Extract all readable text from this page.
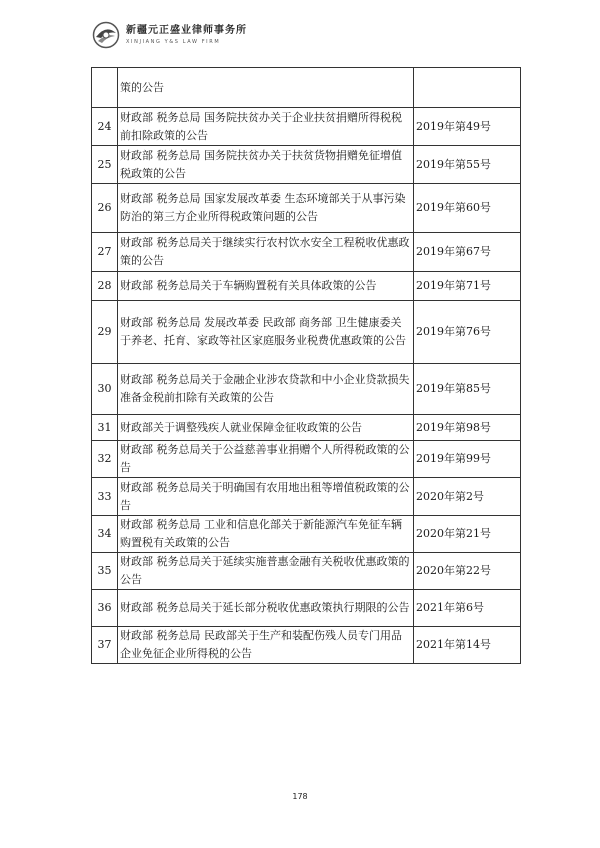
新疆元正盛业律师事务所
XINJIANG Y&S LAW FIRM
	策的公告	
24	财政部 税务总局 国务院扶贫办关于企业扶贫捐赠所得税税前扣除政策的公告	2019年第49号
25	财政部 税务总局 国务院扶贫办关于扶贫货物捐赠免征增值税政策的公告	2019年第55号
26	财政部 税务总局 国家发展改革委 生态环境部关于从事污染防治的第三方企业所得税政策问题的公告	2019年第60号
27	财政部 税务总局关于继续实行农村饮水安全工程税收优惠政策的公告	2019年第67号
28	财政部 税务总局关于车辆购置税有关具体政策的公告	2019年第71号
29	财政部 税务总局 发展改革委 民政部 商务部 卫生健康委关于养老、托育、家政等社区家庭服务业税费优惠政策的公告	2019年第76号
30	财政部 税务总局关于金融企业涉农贷款和中小企业贷款损失准备金税前扣除有关政策的公告	2019年第85号
31	财政部关于调整残疾人就业保障金征收政策的公告	2019年第98号
32	财政部 税务总局关于公益慈善事业捐赠个人所得税政策的公告	2019年第99号
33	财政部 税务总局关于明确国有农用地出租等增值税政策的公告	2020年第2号
34	财政部 税务总局 工业和信息化部关于新能源汽车免征车辆购置税有关政策的公告	2020年第21号
35	财政部 税务总局关于延续实施普惠金融有关税收优惠政策的公告	2020年第22号
36	财政部 税务总局关于延长部分税收优惠政策执行期限的公告	2021年第6号
37	财政部 税务总局 民政部关于生产和装配伤残人员专门用品企业免征企业所得税的公告	2021年第14号
178
